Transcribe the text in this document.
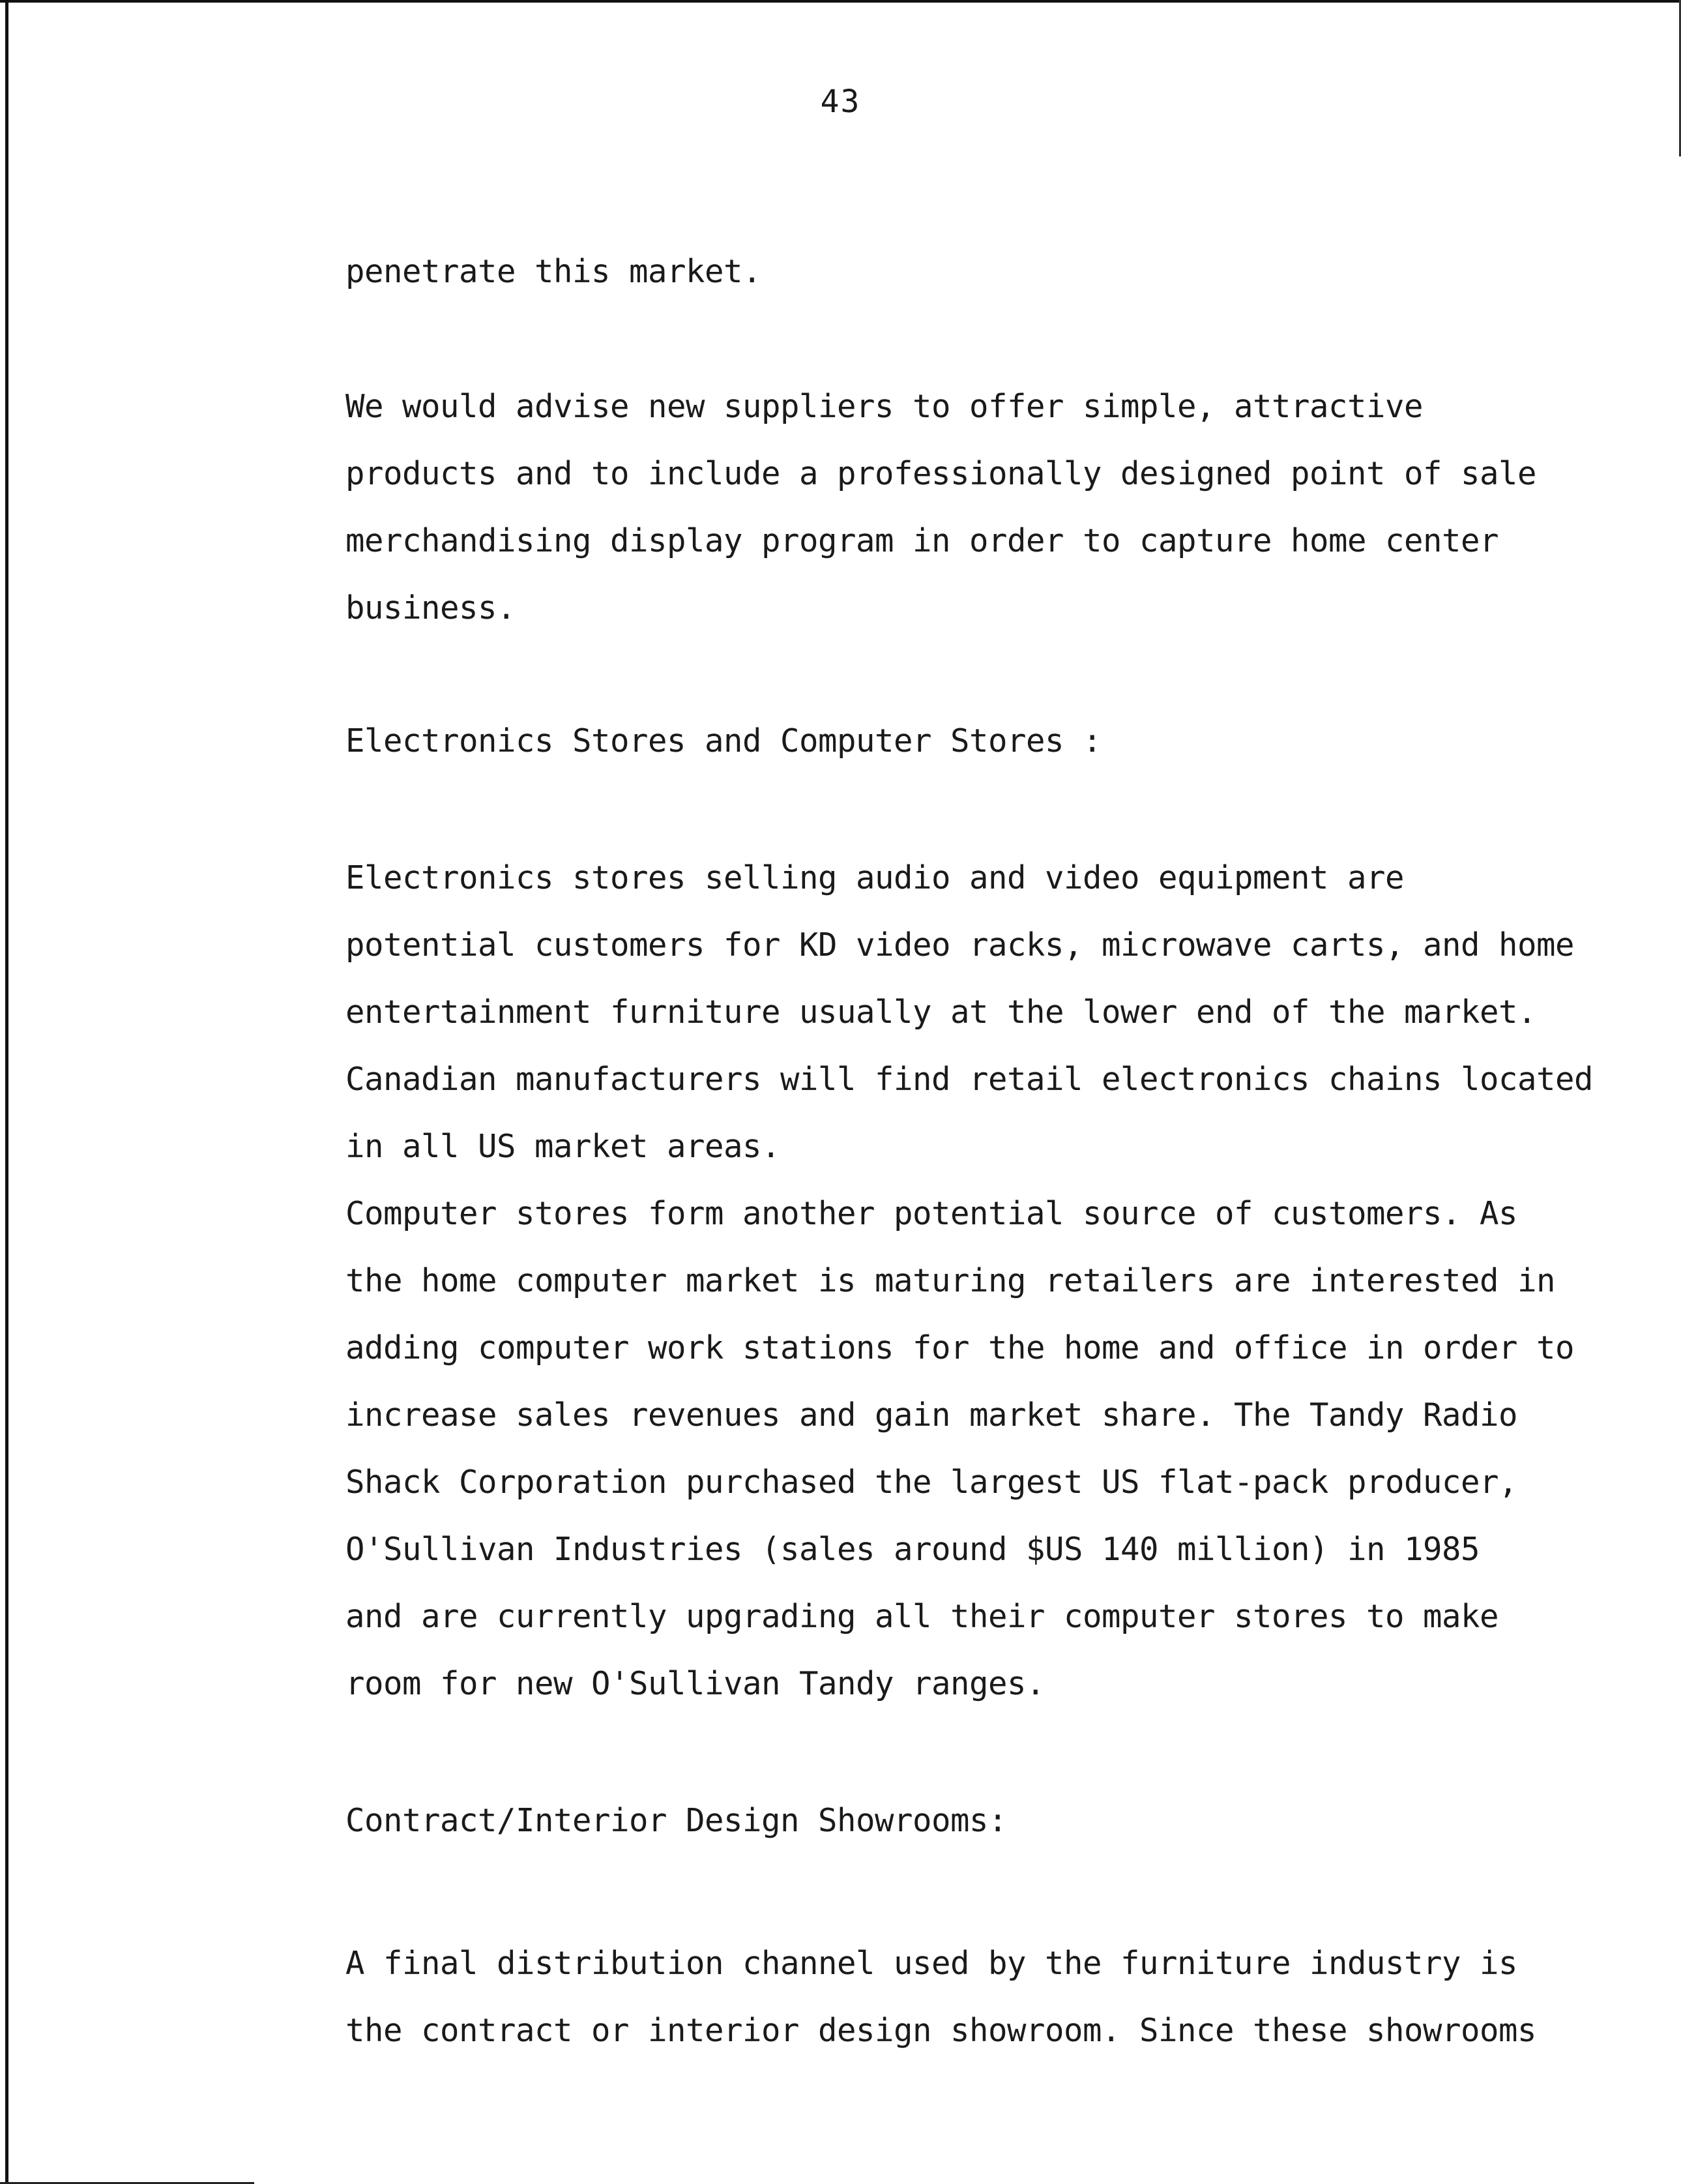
43
penetrate this market.
We would advise new suppliers to offer simple, attractive
products and to include a professionally designed point of sale
merchandising display program in order to capture home center
business.
Electronics Stores and Computer Stores :
Electronics stores selling audio and video equipment are
potential customers for KD video racks, microwave carts, and home
entertainment furniture usually at the lower end of the market.
Canadian manufacturers will find retail electronics chains located
in all US market areas.
Computer stores form another potential source of customers. As
the home computer market is maturing retailers are interested in
adding computer work stations for the home and office in order to
increase sales revenues and gain market share. The Tandy Radio
Shack Corporation purchased the largest US flat-pack producer,
O'Sullivan Industries (sales around $US 140 million) in 1985
and are currently upgrading all their computer stores to make
room for new O'Sullivan Tandy ranges.
Contract/Interior Design Showrooms:
A final distribution channel used by the furniture industry is
the contract or interior design showroom. Since these showrooms
